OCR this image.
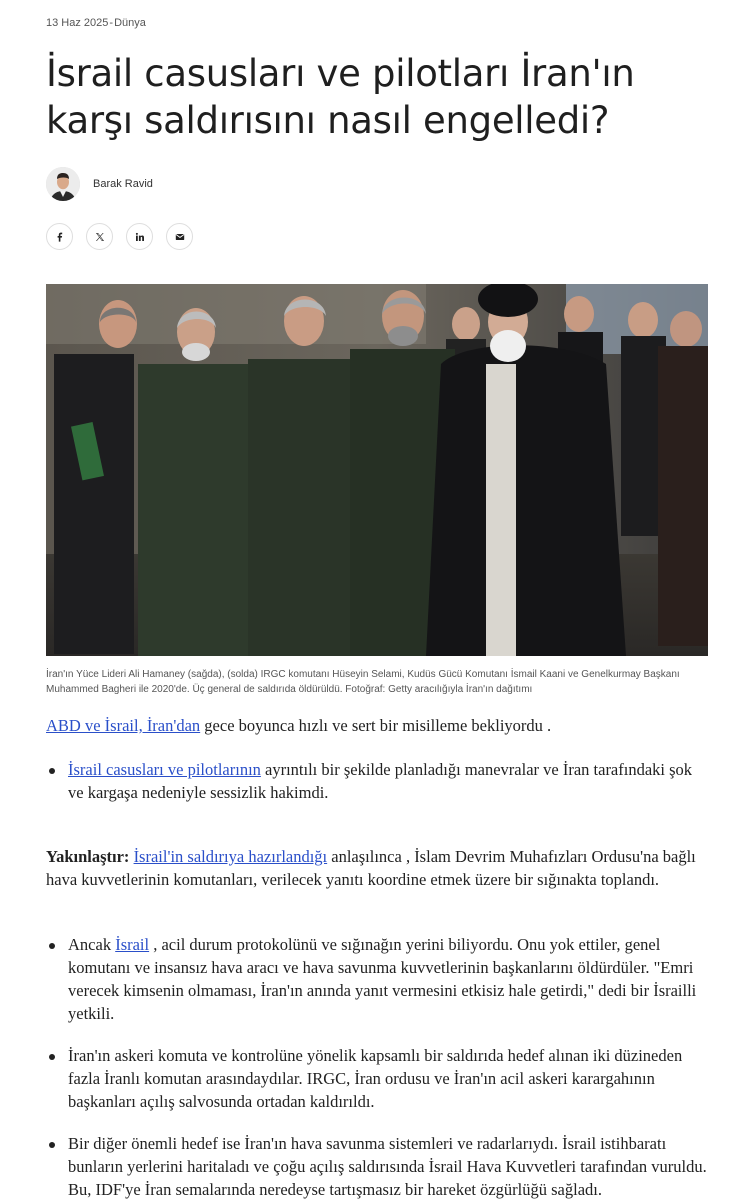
13 Haz 2025-Dünya
İsrail casusları ve pilotları İran'ın karşı saldırısını nasıl engelledi?
Barak Ravid
İran'ın Yüce Lideri Ali Hamaney (sağda), (solda) IRGC komutanı Hüseyin Selami, Kudüs Gücü Komutanı İsmail Kaani ve Genelkurmay Başkanı Muhammed Bagheri ile 2020'de. Üç general de saldırıda öldürüldü. Fotoğraf: Getty aracılığıyla İran'ın dağıtımı

ABD ve İsrail, İran'dan gece boyunca hızlı ve sert bir misilleme bekliyordu .

İsrail casusları ve pilotlarının ayrıntılı bir şekilde planladığı manevralar ve İran tarafındaki şok ve kargaşa nedeniyle sessizlik hakimdi.

Yakınlaştır: İsrail'in saldırıya hazırlandığı anlaşılınca , İslam Devrim Muhafızları Ordusu'na bağlı hava kuvvetlerinin komutanları, verilecek yanıtı koordine etmek üzere bir sığınakta toplandı.

Ancak İsrail , acil durum protokolünü ve sığınağın yerini biliyordu. Onu yok ettiler, genel komutanı ve insansız hava aracı ve hava savunma kuvvetlerinin başkanlarını öldürdüler. "Emri verecek kimsenin olmaması, İran'ın anında yanıt vermesini etkisiz hale getirdi," dedi bir İsrailli yetkili.

İran'ın askeri komuta ve kontrolüne yönelik kapsamlı bir saldırıda hedef alınan iki düzineden fazla İranlı komutan arasındaydılar. IRGC, İran ordusu ve İran'ın acil askeri karargahının başkanları açılış salvosunda ortadan kaldırıldı.

Bir diğer önemli hedef ise İran'ın hava savunma sistemleri ve radarlarıydı. İsrail istihbaratı bunların yerlerini haritaladı ve çoğu açılış saldırısında İsrail Hava Kuvvetleri tarafından vuruldu. Bu, IDF'ye İran semalarında neredeyse tartışmasız bir hareket özgürlüğü sağladı.
